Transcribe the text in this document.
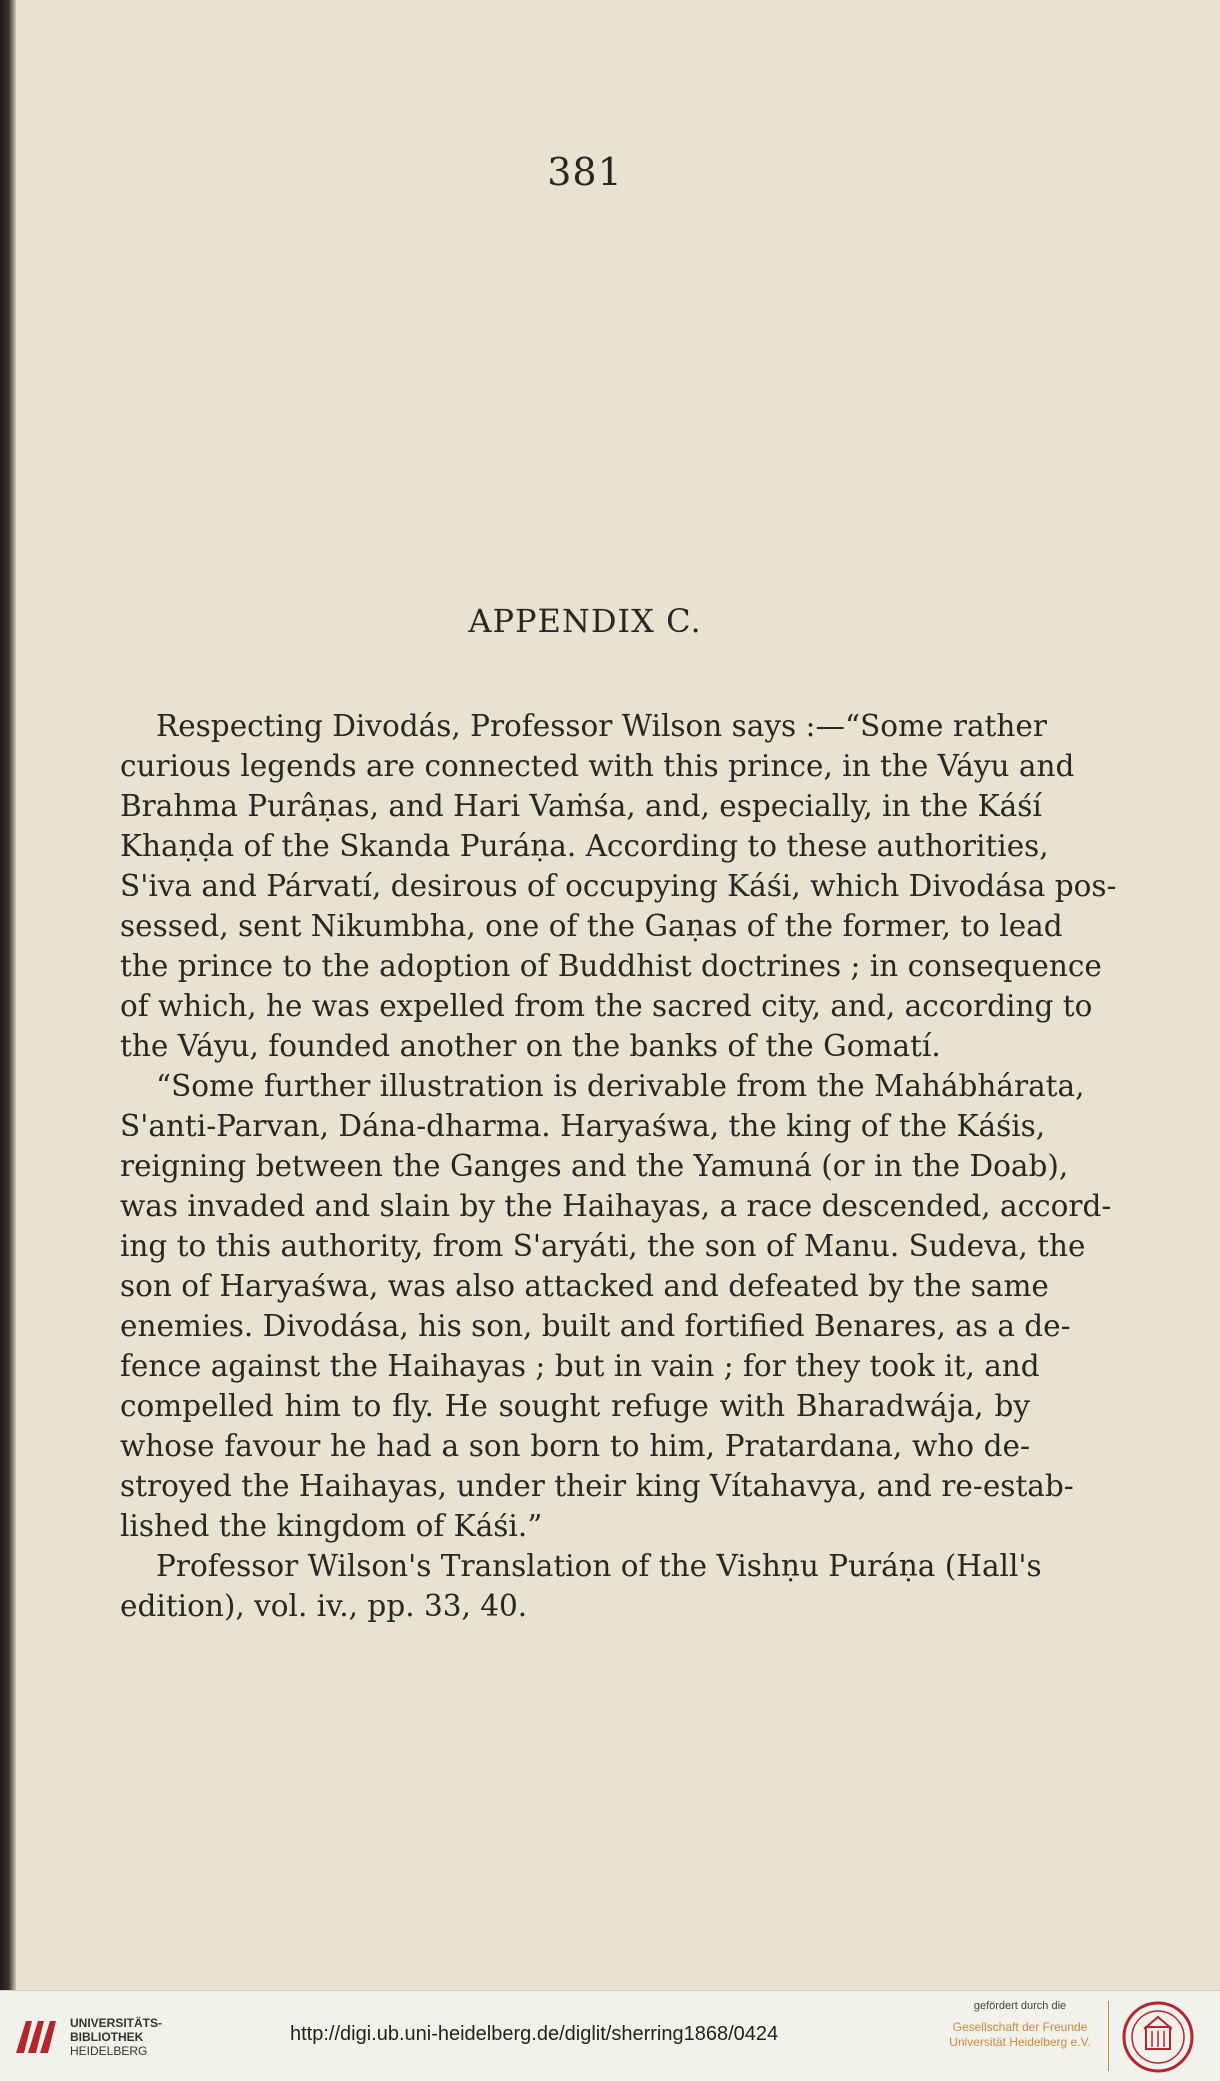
381
APPENDIX C.
Respecting Divodás, Professor Wilson says :—“Some rather
curious legends are connected with this prince, in the Váyu and
Brahma Purâṇas, and Hari Vaṁśa, and, especially, in the Káśí
Khaṇḍa of the Skanda Puráṇa. According to these authorities,
S'iva and Párvatí, desirous of occupying Káśi, which Divodása pos-
sessed, sent Nikumbha, one of the Gaṇas of the former, to lead
the prince to the adoption of Buddhist doctrines ; in consequence
of which, he was expelled from the sacred city, and, according to
the Váyu, founded another on the banks of the Gomatí.
“Some further illustration is derivable from the Mahábhárata,
S'anti-Parvan, Dána-dharma. Haryaśwa, the king of the Káśis,
reigning between the Ganges and the Yamuná (or in the Doab),
was invaded and slain by the Haihayas, a race descended, accord-
ing to this authority, from S'aryáti, the son of Manu. Sudeva, the
son of Haryaśwa, was also attacked and defeated by the same
enemies. Divodása, his son, built and fortified Benares, as a de-
fence against the Haihayas ; but in vain ; for they took it, and
compelled him to fly. He sought refuge with Bharadwája, by
whose favour he had a son born to him, Pratardana, who de-
stroyed the Haihayas, under their king Vítahavya, and re-estab-
lished the kingdom of Káśi.”
Professor Wilson's Translation of the Vishṇu Puráṇa (Hall's
edition), vol. iv., pp. 33, 40.
UNIVERSITÄTS-
BIBLIOTHEK
HEIDELBERG
http://digi.ub.uni-heidelberg.de/diglit/sherring1868/0424
gefördert durch die
Gesellschaft der Freunde
Universität Heidelberg e.V.
